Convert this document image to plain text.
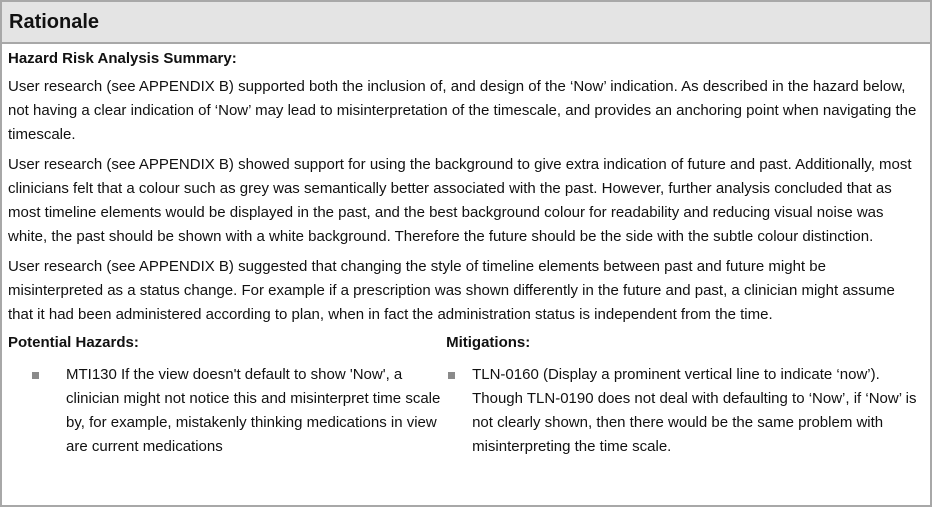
Rationale
Hazard Risk Analysis Summary:

User research (see APPENDIX B) supported both the inclusion of, and design of the ‘Now’ indication. As described in the hazard below, not having a clear indication of ‘Now’ may lead to misinterpretation of the timescale, and provides an anchoring point when navigating the timescale.

User research (see APPENDIX B) showed support for using the background to give extra indication of future and past. Additionally, most clinicians felt that a colour such as grey was semantically better associated with the past. However, further analysis concluded that as most timeline elements would be displayed in the past, and the best background colour for readability and reducing visual noise was white, the past should be shown with a white background. Therefore the future should be the side with the subtle colour distinction.

User research (see APPENDIX B) suggested that changing the style of timeline elements between past and future might be misinterpreted as a status change. For example if a prescription was shown differently in the future and past, a clinician might assume that it had been administered according to plan, when in fact the administration status is independent from the time.

Potential Hazards:
MTI130 If the view doesn't default to show 'Now', a clinician might not notice this and misinterpret time scale by, for example, mistakenly thinking medications in view are current medications
Mitigations:
TLN-0160 (Display a prominent vertical line to indicate ‘now’). Though TLN-0190 does not deal with defaulting to ‘Now’, if ‘Now’ is not clearly shown, then there would be the same problem with misinterpreting the time scale.
